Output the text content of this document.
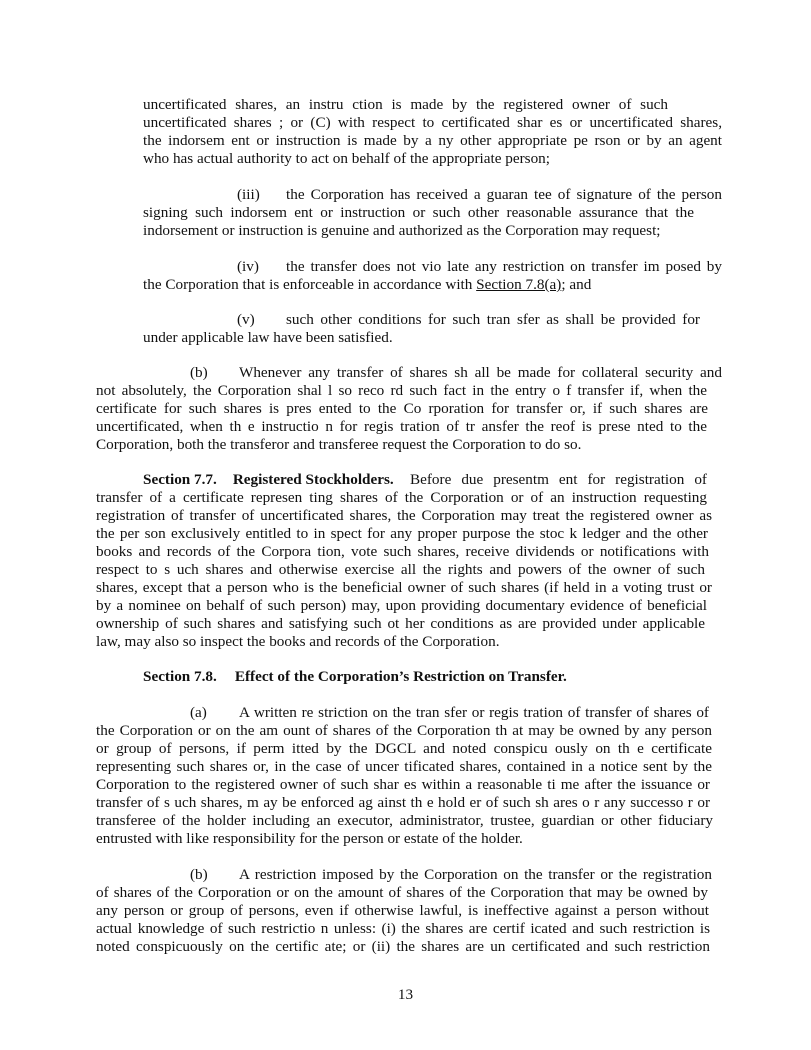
uncertificated shares, an instru ction is made by the registered owner of such
uncertificated shares ; or (C) with respect to certificated shar es or uncertificated shares,
the indorsem ent or instruction is made by a ny other appropriate pe rson or by an agent
who has actual authority to act on behalf of the appropriate person;
(iii) the Corporation has received a guaran tee of signature of the person
signing such indorsem ent or instruction or such other reasonable assurance that the
indorsement or instruction is genuine and authorized as the Corporation may request;
(iv) the transfer does not vio late any restriction on transfer im posed by
the Corporation that is enforceable in accordance with Section 7.8(a); and
(v) such other conditions for such tran sfer as shall be provided for
under applicable law have been satisfied.
(b) Whenever any transfer of shares sh all be made for collateral security and
not absolutely, the Corporation shal l so reco rd such fact in the entry o f transfer if, when the
certificate for such shares is pres ented to the Co rporation for transfer or, if such shares are
uncertificated, when th e instructio n for regis tration of tr ansfer the reof is prese nted to the
Corporation, both the transferor and transferee request the Corporation to do so.
Section 7.7. Registered Stockholders. Before due presentm ent for registration of
transfer of a certificate represen ting shares of the Corporation or of an instruction requesting
registration of transfer of uncertificated shares, the Corporation may treat the registered owner as
the per son exclusively entitled to in spect for any proper purpose the stoc k ledger and the other
books and records of the Corpora tion, vote such shares, receive dividends or notifications with
respect to s uch shares and otherwise exercise all the rights and powers of the owner of such
shares, except that a person who is the beneficial owner of such shares (if held in a voting trust or
by a nominee on behalf of such person) may, upon providing documentary evidence of beneficial
ownership of such shares and satisfying such ot her conditions as are provided under applicable
law, may also so inspect the books and records of the Corporation.
Section 7.8. Effect of the Corporation’s Restriction on Transfer.
(a) A written re striction on the tran sfer or regis tration of transfer of shares of
the Corporation or on the am ount of shares of the Corporation th at may be owned by any person
or group of persons, if perm itted by the DGCL and noted conspicu ously on th e certificate
representing such shares or, in the case of uncer tificated shares, contained in a notice sent by the
Corporation to the registered owner of such shar es within a reasonable ti me after the issuance or
transfer of s uch shares, m ay be enforced ag ainst th e hold er of such sh ares o r any successo r or
transferee of the holder including an executor, administrator, trustee, guardian or other fiduciary
entrusted with like responsibility for the person or estate of the holder.
(b) A restriction imposed by the Corporation on the transfer or the registration
of shares of the Corporation or on the amount of shares of the Corporation that may be owned by
any person or group of persons, even if otherwise lawful, is ineffective against a person without
actual knowledge of such restrictio n unless: (i) the shares are certif icated and such restriction is
noted conspicuously on the certific ate; or (ii) the shares are un certificated and such restriction
13
